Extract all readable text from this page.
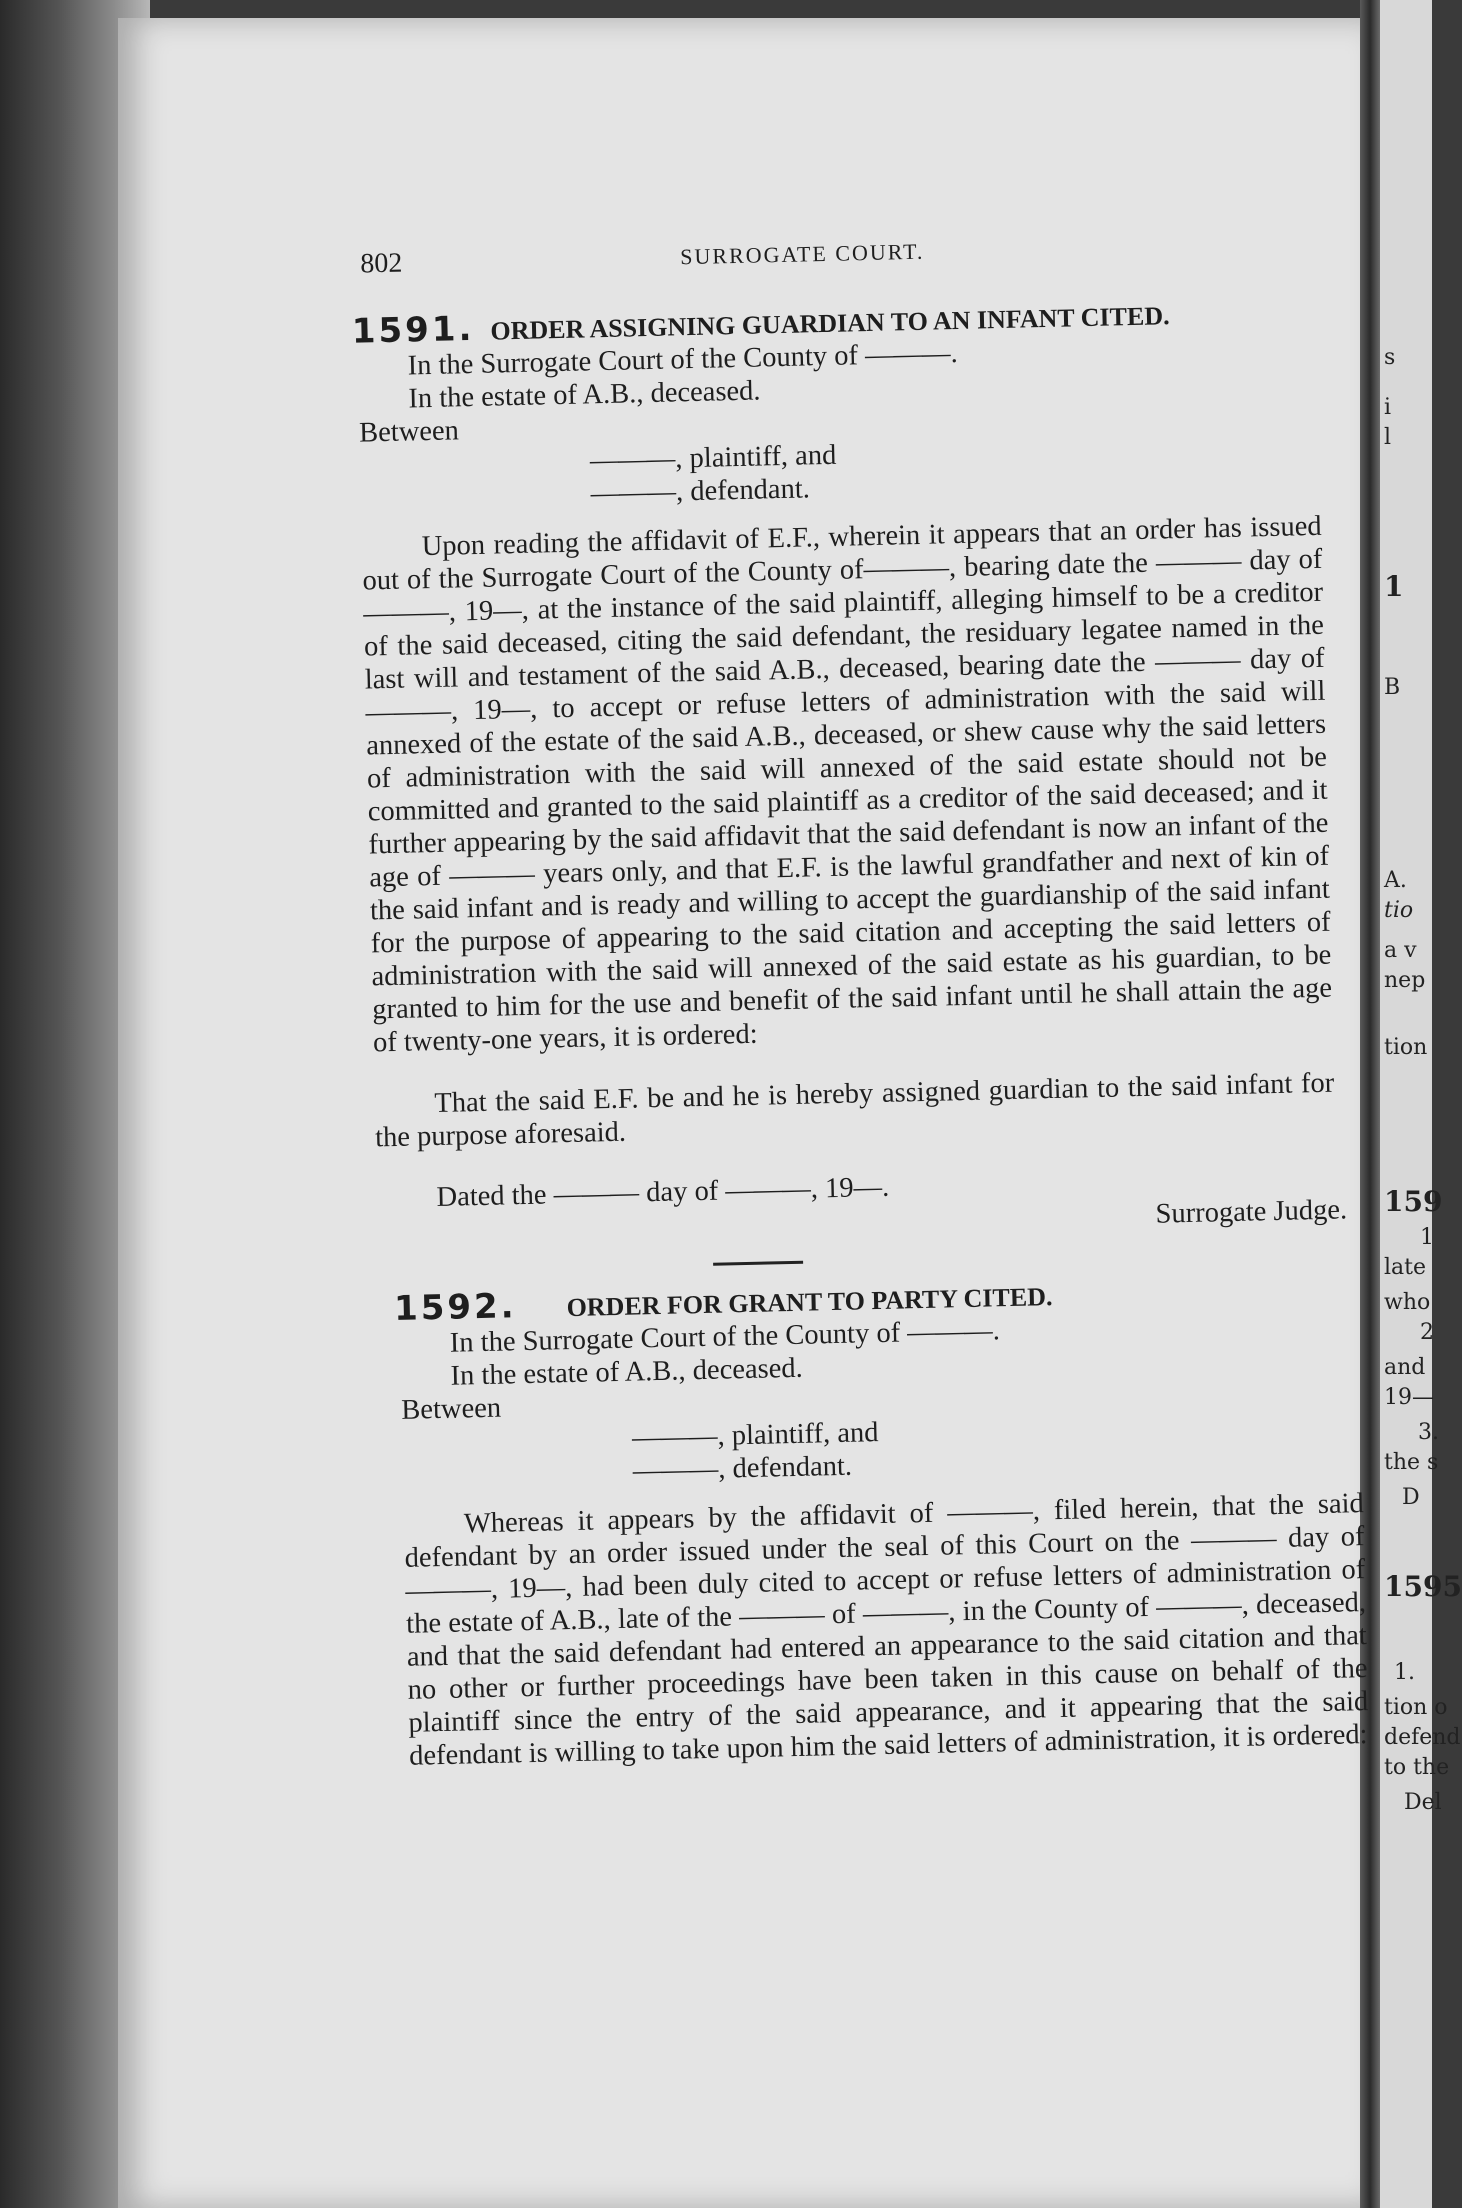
s
i
l
1
B
A.
tio
a v
nep
tion
159
1
late
who
2
and
19—
3.
the s
D
1595
1.
tion o
defend
to the
Del
802	SURROGATE COURT.
1591. ORDER ASSIGNING GUARDIAN TO AN INFANT CITED.
In the Surrogate Court of the County of ———.
In the estate of A.B., deceased.
Between
———, plaintiff, and
———, defendant.

Upon reading the affidavit of E.F., wherein it appears that an order has issued out of the Surrogate Court of the County of———, bearing date the ——— day of ———, 19—, at the instance of the said plaintiff, alleging himself to be a creditor of the said deceased, citing the said defendant, the residuary legatee named in the last will and testament of the said A.B., deceased, bearing date the ——— day of ———, 19—, to accept or refuse letters of administration with the said will annexed of the estate of the said A.B., deceased, or shew cause why the said letters of administration with the said will annexed of the said estate should not be committed and granted to the said plaintiff as a creditor of the said deceased; and it further appearing by the said affidavit that the said defendant is now an infant of the age of ——— years only, and that E.F. is the lawful grandfather and next of kin of the said infant and is ready and willing to accept the guardianship of the said infant for the purpose of appearing to the said citation and accepting the said letters of administration with the said will annexed of the said estate as his guardian, to be granted to him for the use and benefit of the said infant until he shall attain the age of twenty-one years, it is ordered:

That the said E.F. be and he is hereby assigned guardian to the said infant for the purpose aforesaid.

Dated the ——— day of ———, 19—.	Surrogate Judge.
1592. ORDER FOR GRANT TO PARTY CITED.
In the Surrogate Court of the County of ———.
In the estate of A.B., deceased.
Between
———, plaintiff, and
———, defendant.

Whereas it appears by the affidavit of ———, filed herein, that the said defendant by an order issued under the seal of this Court on the ——— day of ———, 19—, had been duly cited to accept or refuse letters of administration of the estate of A.B., late of the ——— of ———, in the County of ———, deceased, and that the said defendant had entered an appearance to the said citation and that no other or further proceedings have been taken in this cause on behalf of the plaintiff since the entry of the said appearance, and it appearing that the said defendant is willing to take upon him the said letters of administration, it is ordered:
